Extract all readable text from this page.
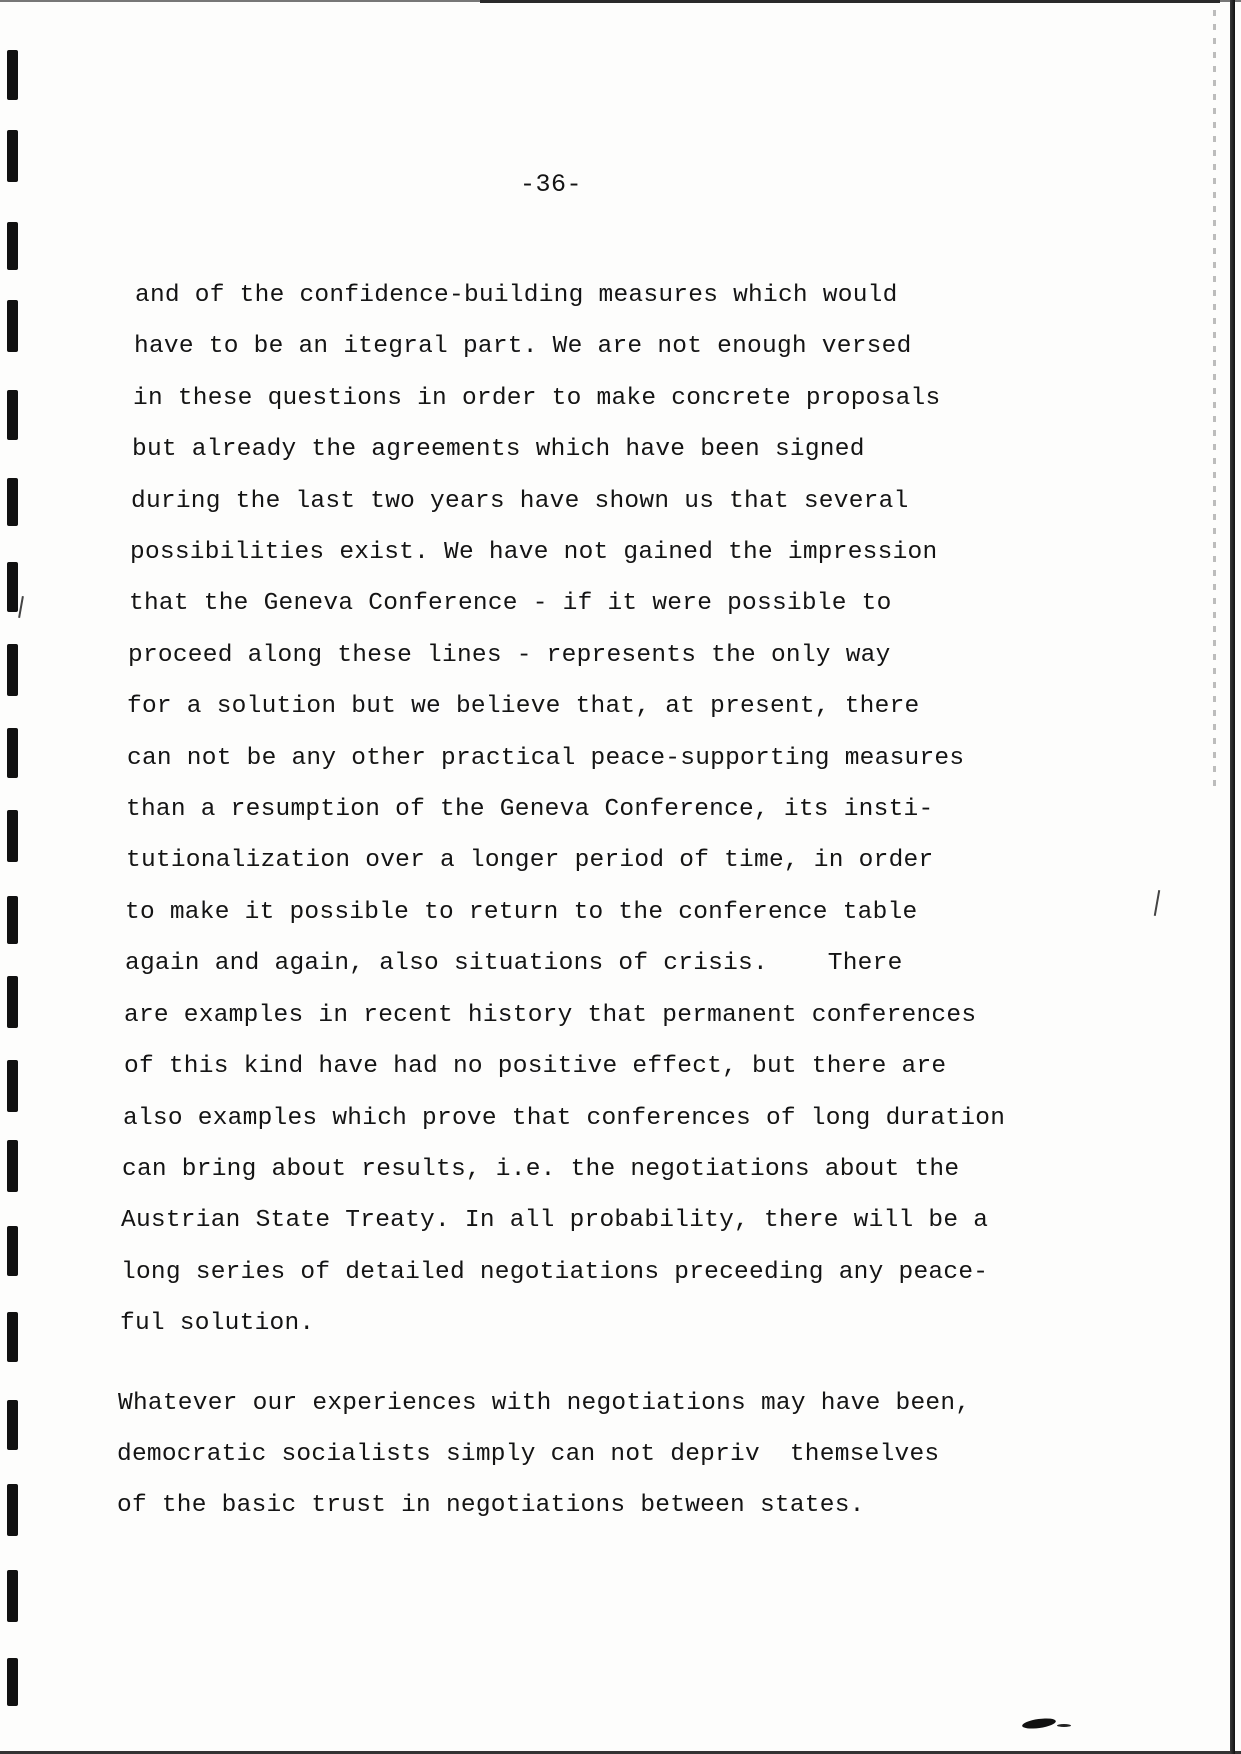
-36-

and of the confidence-building measures which would
have to be an itegral part. We are not enough versed
in these questions in order to make concrete proposals
but already the agreements which have been signed
during the last two years have shown us that several
possibilities exist. We have not gained the impression
that the Geneva Conference - if it were possible to
proceed along these lines - represents the only way
for a solution but we believe that, at present, there
can not be any other practical peace-supporting measures
than a resumption of the Geneva Conference, its insti-
tutionalization over a longer period of time, in order
to make it possible to return to the conference table
again and again, also situations of crisis.    There
are examples in recent history that permanent conferences
of this kind have had no positive effect, but there are
also examples which prove that conferences of long duration
can bring about results, i.e. the negotiations about the
Austrian State Treaty. In all probability, there will be a
long series of detailed negotiations preceeding any peace-
ful solution.

Whatever our experiences with negotiations may have been,
democratic socialists simply can not depriv  themselves
of the basic trust in negotiations between states.
